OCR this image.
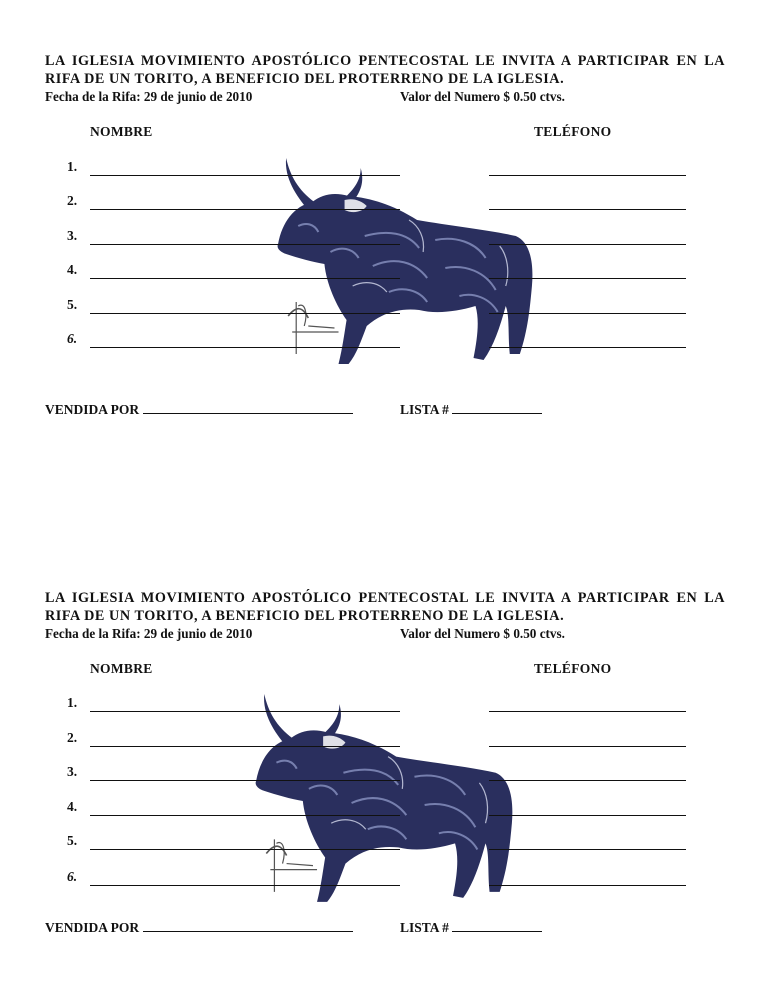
LA IGLESIA MOVIMIENTO APOSTÓLICO PENTECOSTAL LE INVITA A PARTICIPAR EN LA
RIFA DE UN TORITO, A BENEFICIO DEL PROTERRENO DE LA IGLESIA.
Fecha de la Rifa: 29 de junio de 2010	Valor del Numero $ 0.50 ctvs.
NOMBRE	TELÉFONO
1.
2.
3.
4.
5.
6.
VENDIDA POR	LISTA #
LA IGLESIA MOVIMIENTO APOSTÓLICO PENTECOSTAL LE INVITA A PARTICIPAR EN LA
RIFA DE UN TORITO, A BENEFICIO DEL PROTERRENO DE LA IGLESIA.
Fecha de la Rifa: 29 de junio de 2010	Valor del Numero $ 0.50 ctvs.
NOMBRE	TELÉFONO
1.
2.
3.
4.
5.
6.
VENDIDA POR	LISTA #
